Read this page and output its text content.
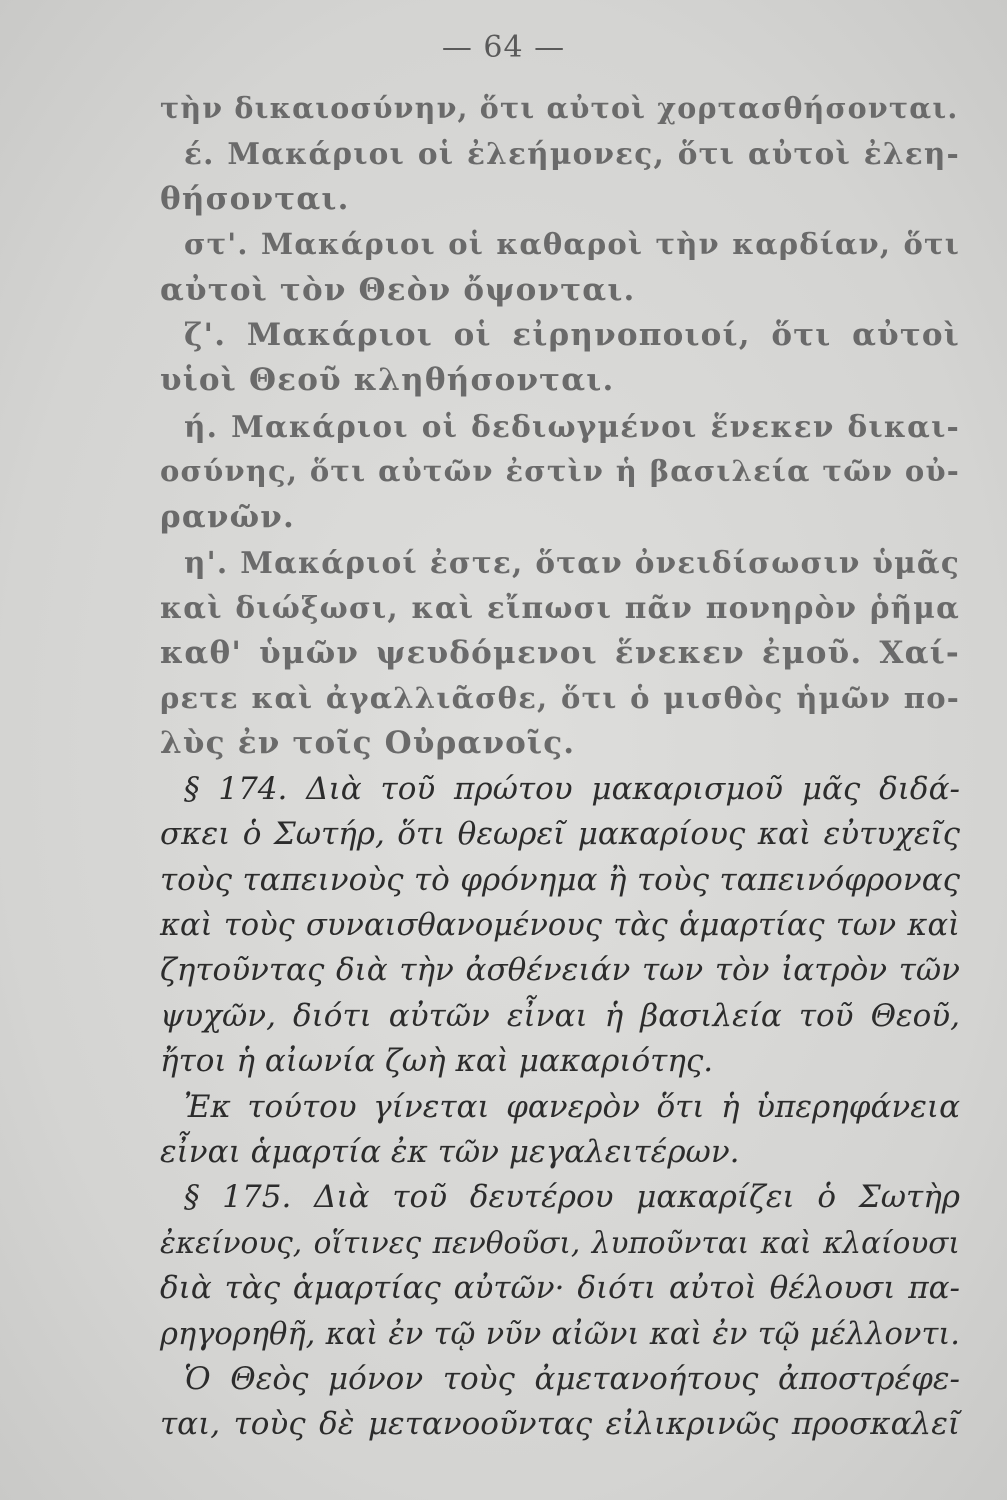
— 64 —
τὴν δικαιοσύνην, ὅτι αὐτοὶ χορτασθήσονται.
έ. Μακάριοι οἱ ἐλεήμονες, ὅτι αὐτοὶ ἐλεη-
θήσονται.
στ'. Μακάριοι οἱ καθαροὶ τὴν καρδίαν, ὅτι
αὐτοὶ τὸν Θεὸν ὄψονται.
ζ'. Μακάριοι οἱ εἰρηνοποιοί, ὅτι αὐτοὶ
υἱοὶ Θεοῦ κληθήσονται.
ή. Μακάριοι οἱ δεδιωγμένοι ἕνεκεν δικαι-
οσύνης, ὅτι αὐτῶν ἐστὶν ἡ βασιλεία τῶν οὐ-
ρανῶν.
η'. Μακάριοί ἐστε, ὅταν ὀνειδίσωσιν ὑμᾶς
καὶ διώξωσι, καὶ εἴπωσι πᾶν πονηρὸν ῥῆμα
καθ' ὑμῶν ψευδόμενοι ἕνεκεν ἐμοῦ. Χαί-
ρετε καὶ ἀγαλλιᾶσθε, ὅτι ὁ μισθὸς ἡμῶν πο-
λὺς ἐν τοῖς Οὐρανοῖς.
§ 174. Διὰ τοῦ πρώτου μακαρισμοῦ μᾶς διδά-
σκει ὁ Σωτήρ, ὅτι θεωρεῖ μακαρίους καὶ εὐτυχεῖς
τοὺς ταπεινοὺς τὸ φρόνημα ἢ τοὺς ταπεινόφρονας
καὶ τοὺς συναισθανομένους τὰς ἁμαρτίας των καὶ
ζητοῦντας διὰ τὴν ἀσθένειάν των τὸν ἰατρὸν τῶν
ψυχῶν, διότι αὐτῶν εἶναι ἡ βασιλεία τοῦ Θεοῦ,
ἤτοι ἡ αἰωνία ζωὴ καὶ μακαριότης.
Ἐκ τούτου γίνεται φανερὸν ὅτι ἡ ὑπερηφάνεια
εἶναι ἁμαρτία ἐκ τῶν μεγαλειτέρων.
§ 175. Διὰ τοῦ δευτέρου μακαρίζει ὁ Σωτὴρ
ἐκείνους, οἵτινες πενθοῦσι, λυποῦνται καὶ κλαίουσι
διὰ τὰς ἁμαρτίας αὐτῶν· διότι αὐτοὶ θέλουσι πα-
ρηγορηθῆ, καὶ ἐν τῷ νῦν αἰῶνι καὶ ἐν τῷ μέλλοντι.
Ὁ Θεὸς μόνον τοὺς ἀμετανοήτους ἀποστρέφε-
ται, τοὺς δὲ μετανοοῦντας εἰλικρινῶς προσκαλεῖ
